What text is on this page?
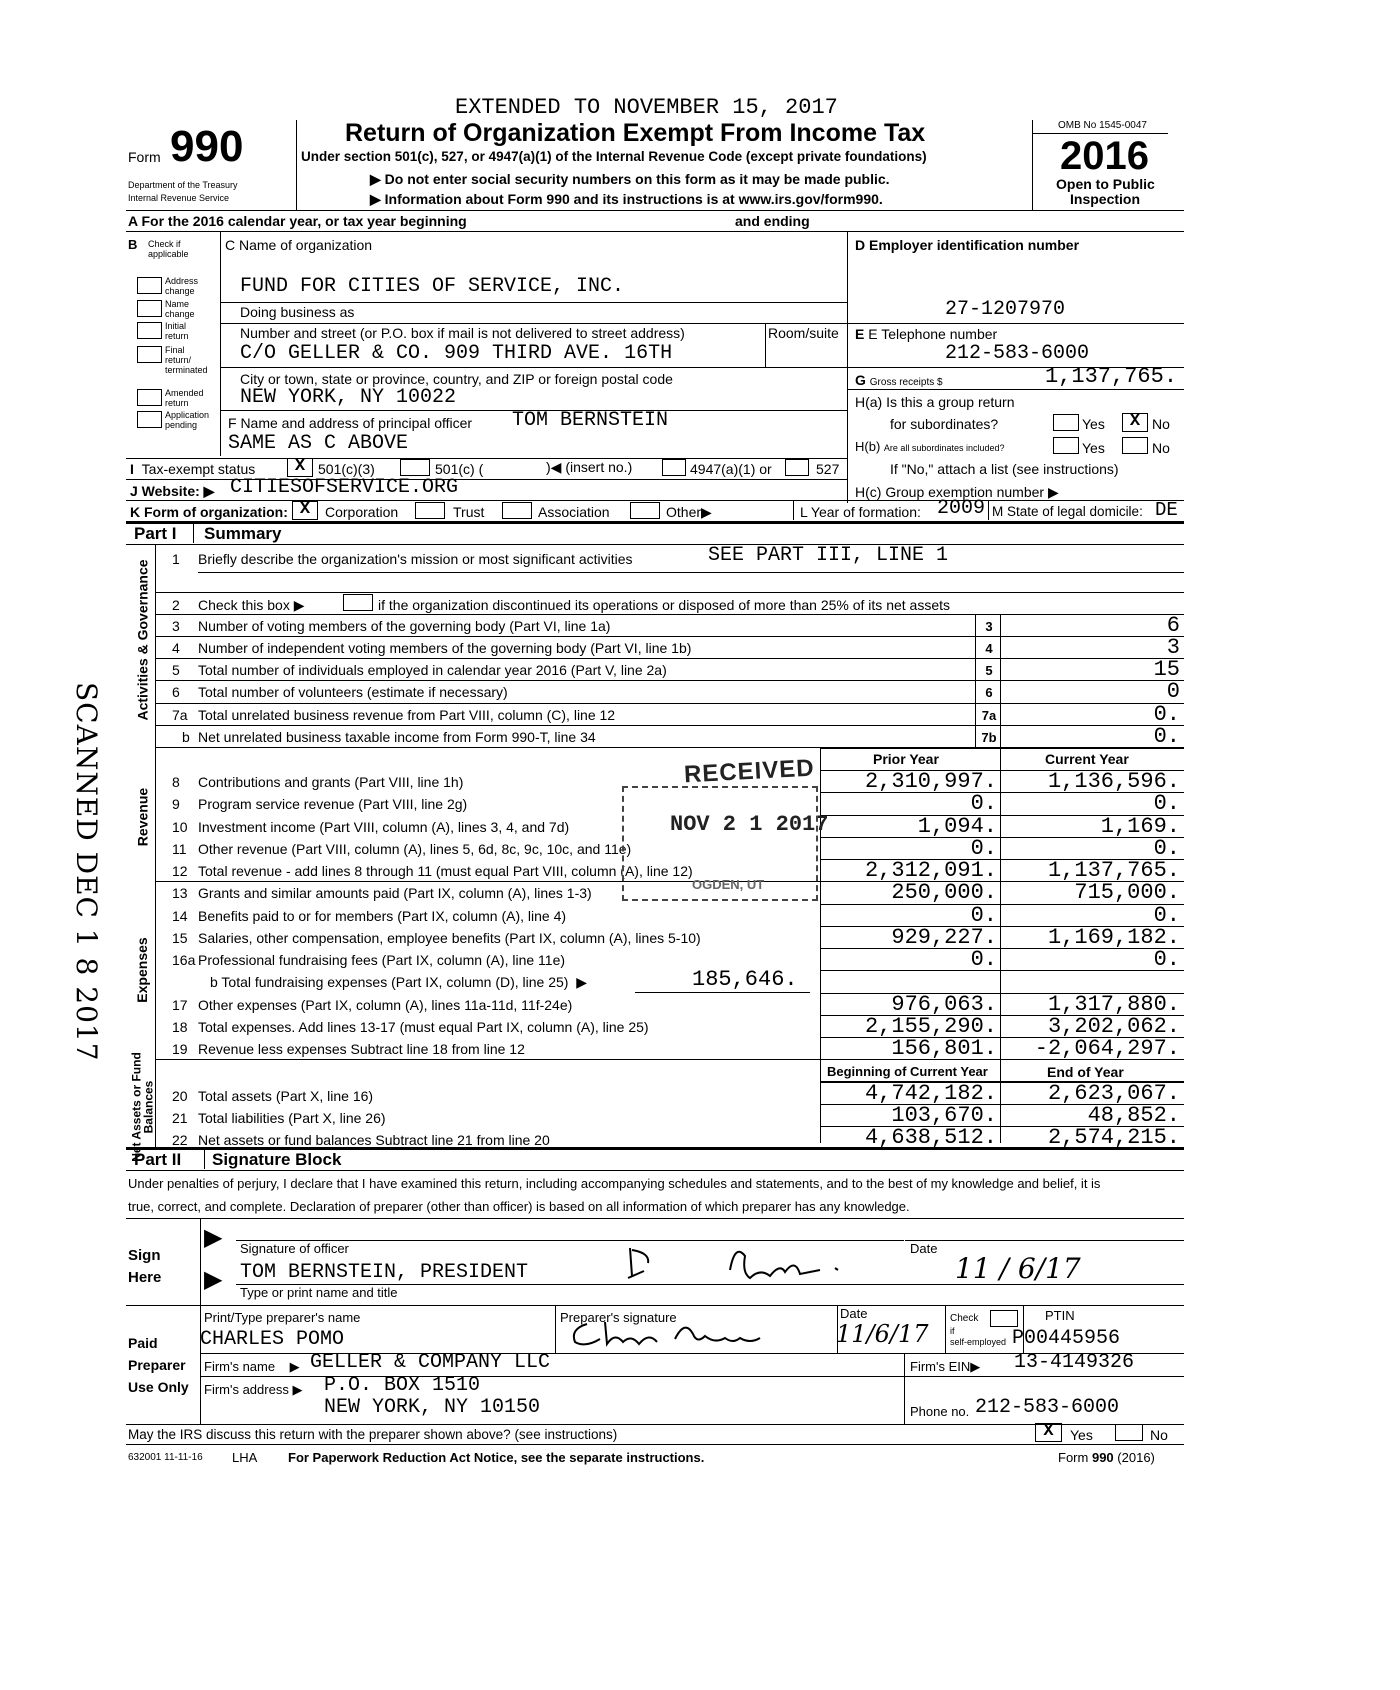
EXTENDED TO NOVEMBER 15, 2017
Form 990
Department of the Treasury
Internal Revenue Service
Return of Organization Exempt From Income Tax
Under section 501(c), 527, or 4947(a)(1) of the Internal Revenue Code (except private foundations)
▶ Do not enter social security numbers on this form as it may be made public.
▶ Information about Form 990 and its instructions is at www.irs.gov/form990.
OMB No 1545-0047
2016
Open to Public
Inspection
A For the 2016 calendar year, or tax year beginning	and ending
B Check if
applicable
Address change
Name change
Initial return
Final return/ terminated
Amended return
Application pending
C Name of organization
FUND FOR CITIES OF SERVICE, INC.
Doing business as
Number and street (or P.O. box if mail is not delivered to street address)	Room/suite
C/O GELLER & CO. 909 THIRD AVE. 16TH
City or town, state or province, country, and ZIP or foreign postal code
NEW YORK, NY 10022
F Name and address of principal officer TOM BERNSTEIN
SAME AS C ABOVE
D Employer identification number
27-1207970
E E Telephone number
212-583-6000
G Gross receipts $	1,137,765.
H(a) Is this a group return
for subordinates?	Yes	X No
H(b) Are all subordinates included?	Yes	No
If "No," attach a list (see instructions)
H(c) Group exemption number ▶
I Tax-exempt status	X 501(c)(3)	501(c) (	)◀ (insert no.)	4947(a)(1) or	527
J Website: ▶ CITIESOFSERVICE.ORG
K Form of organization: X	Corporation	Trust	Association	Other▶	L Year of formation: 2009 M State of legal domicile: DE
Part I Summary
Activities & Governance
Revenue
Expenses
Net Assets or Fund Balances
1 Briefly describe the organization's mission or most significant activities	SEE PART III, LINE 1
2 Check this box ▶	if the organization discontinued its operations or disposed of more than 25% of its net assets
3 Number of voting members of the governing body (Part VI, line 1a)	3	6
4 Number of independent voting members of the governing body (Part VI, line 1b)	4	3
5 Total number of individuals employed in calendar year 2016 (Part V, line 2a)	5	15
6 Total number of volunteers (estimate if necessary)	6	0
7a Total unrelated business revenue from Part VIII, column (C), line 12	7a	0.
b Net unrelated business taxable income from Form 990-T, line 34	7b	0.
Prior Year	Current Year
8 Contributions and grants (Part VIII, line 1h)	2,310,997.	1,136,596.
9 Program service revenue (Part VIII, line 2g)	0.	0.
10 Investment income (Part VIII, column (A), lines 3, 4, and 7d)	1,094.	1,169.
11 Other revenue (Part VIII, column (A), lines 5, 6d, 8c, 9c, 10c, and 11e)	0.	0.
12 Total revenue - add lines 8 through 11 (must equal Part VIII, column (A), line 12)	2,312,091.	1,137,765.
13 Grants and similar amounts paid (Part IX, column (A), lines 1-3)	250,000.	715,000.
14 Benefits paid to or for members (Part IX, column (A), line 4)	0.	0.
15 Salaries, other compensation, employee benefits (Part IX, column (A), lines 5-10)	929,227.	1,169,182.
16a Professional fundraising fees (Part IX, column (A), line 11e)	0.	0.
17 Other expenses (Part IX, column (A), lines 11a-11d, 11f-24e)	976,063.	1,317,880.
18 Total expenses. Add lines 13-17 (must equal Part IX, column (A), line 25)	2,155,290.	3,202,062.
19 Revenue less expenses Subtract line 18 from line 12	156,801.	-2,064,297.
20 Total assets (Part X, line 16)	4,742,182.	2,623,067.
21 Total liabilities (Part X, line 26)	103,670.	48,852.
22 Net assets or fund balances Subtract line 21 from line 20	4,638,512.	2,574,215.
b Total fundraising expenses (Part IX, column (D), line 25) ▶	185,646.
Beginning of Current Year	End of Year
Part II Signature Block
Under penalties of perjury, I declare that I have examined this return, including accompanying schedules and statements, and to the best of my knowledge and belief, it is
true, correct, and complete. Declaration of preparer (other than officer) is based on all information of which preparer has any knowledge.
Sign
Here
▶
▶
Signature of officer	Date
11 / 6/17
TOM BERNSTEIN, PRESIDENT
Type or print name and title
Paid
Preparer
Use Only
Print/Type preparer's name
CHARLES POMO
Preparer's signature	Date
11/6/17
Check
if
self-employed
PTIN
P00445956
Firm's name ▶ GELLER & COMPANY LLC	Firm's EIN▶ 13-4149326
Firm's address ▶ P.O. BOX 1510
NEW YORK, NY 10150	Phone no. 212-583-6000
May the IRS discuss this return with the preparer shown above? (see instructions)	X	Yes	No
632001 11-11-16 LHA For Paperwork Reduction Act Notice, see the separate instructions.	Form 990 (2016)
RECEIVED
NOV 2 1 2017
OGDEN, UT
SCANNED DEC 1 8 2017
